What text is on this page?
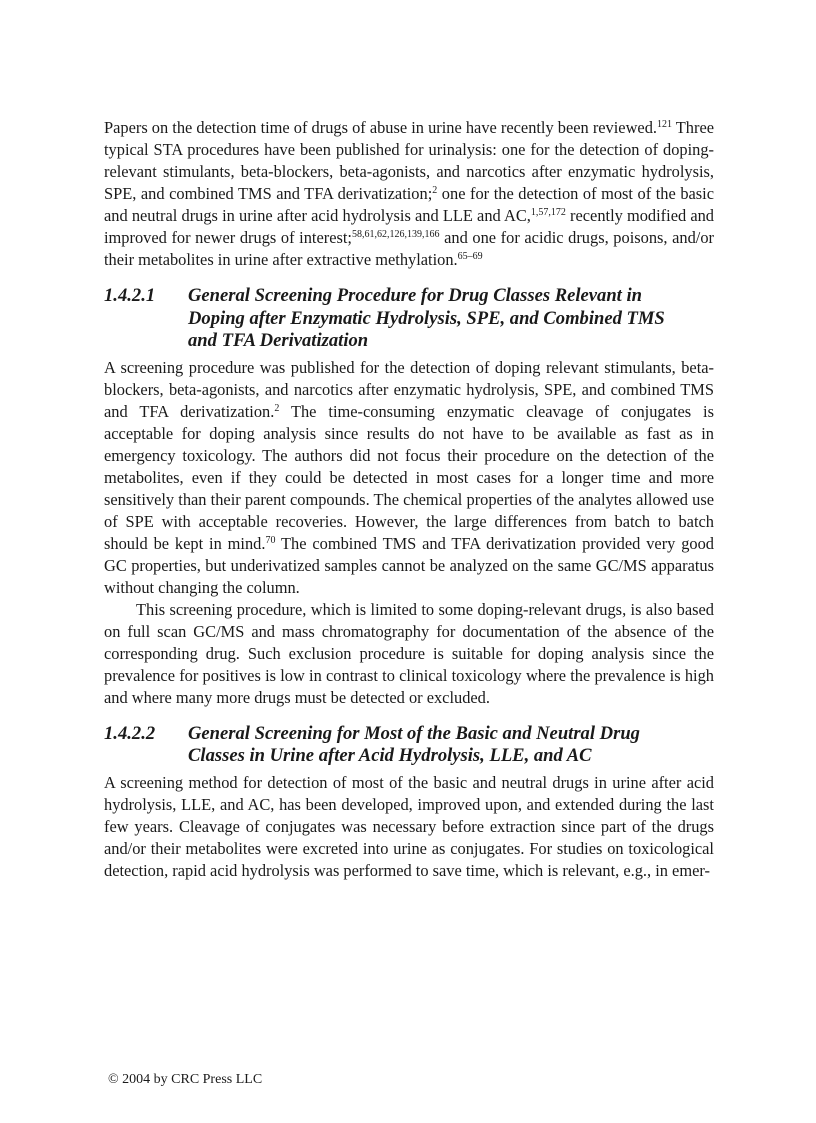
Papers on the detection time of drugs of abuse in urine have recently been reviewed.$^{121}$ Three typical STA procedures have been published for urinalysis: one for the detection of doping-relevant stimulants, beta-blockers, beta-agonists, and narcotics after enzymatic hydrolysis, SPE, and combined TMS and TFA derivatization;$^2$ one for the detection of most of the basic and neutral drugs in urine after acid hydrolysis and LLE and AC,$^{1,57,172}$ recently modified and improved for newer drugs of interest;$^{58,61,62,126,139,166}$ and one for acidic drugs, poisons, and/or their metabolites in urine after extractive methylation.$^{65-69}$

1.4.2.1	General Screening Procedure for Drug Classes Relevant in Doping after Enzymatic Hydrolysis, SPE, and Combined TMS and TFA Derivatization

A screening procedure was published for the detection of doping relevant stimulants, beta-blockers, beta-agonists, and narcotics after enzymatic hydrolysis, SPE, and combined TMS and TFA derivatization.$^2$ The time-consuming enzymatic cleavage of conjugates is acceptable for doping analysis since results do not have to be available as fast as in emergency toxicology. The authors did not focus their procedure on the detection of the metabolites, even if they could be detected in most cases for a longer time and more sensitively than their parent compounds. The chemical properties of the analytes allowed use of SPE with acceptable recoveries. However, the large differences from batch to batch should be kept in mind.$^{70}$ The combined TMS and TFA derivatization provided very good GC properties, but underivatized samples cannot be analyzed on the same GC/MS apparatus without changing the column.

This screening procedure, which is limited to some doping-relevant drugs, is also based on full scan GC/MS and mass chromatography for documentation of the absence of the corresponding drug. Such exclusion procedure is suitable for doping analysis since the prevalence for positives is low in contrast to clinical toxicology where the prevalence is high and where many more drugs must be detected or excluded.

1.4.2.2	General Screening for Most of the Basic and Neutral Drug Classes in Urine after Acid Hydrolysis, LLE, and AC

A screening method for detection of most of the basic and neutral drugs in urine after acid hydrolysis, LLE, and AC, has been developed, improved upon, and extended during the last few years. Cleavage of conjugates was necessary before extraction since part of the drugs and/or their metabolites were excreted into urine as conjugates. For studies on toxicological detection, rapid acid hydrolysis was performed to save time, which is relevant, e.g., in emer-

© 2004 by CRC Press LLC
